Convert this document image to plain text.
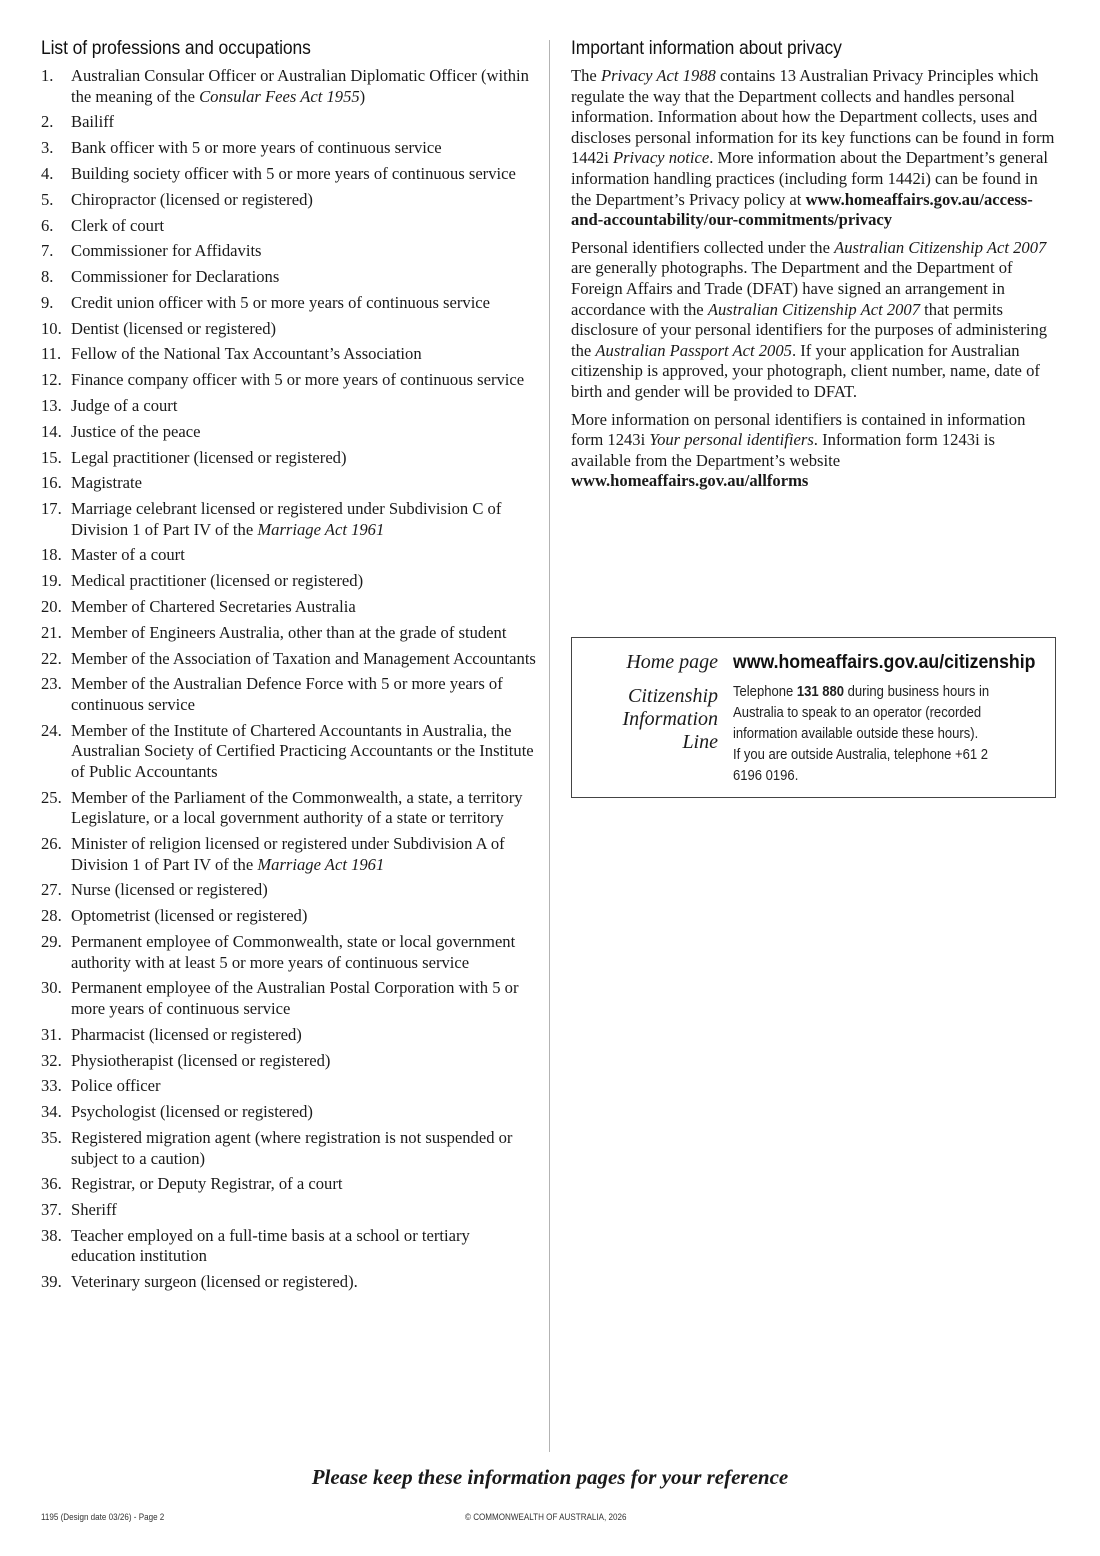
List of professions and occupations
1.	Australian Consular Officer or Australian Diplomatic Officer (within the meaning of the Consular Fees Act 1955)
2.	Bailiff
3.	Bank officer with 5 or more years of continuous service
4.	Building society officer with 5 or more years of continuous service
5.	Chiropractor (licensed or registered)
6.	Clerk of court
7.	Commissioner for Affidavits
8.	Commissioner for Declarations
9.	Credit union officer with 5 or more years of continuous service
10. Dentist (licensed or registered)
11. Fellow of the National Tax Accountant’s Association
12. Finance company officer with 5 or more years of continuous service
13. Judge of a court
14. Justice of the peace
15. Legal practitioner (licensed or registered)
16. Magistrate
17. Marriage celebrant licensed or registered under Subdivision C of Division 1 of Part IV of the Marriage Act 1961
18. Master of a court
19. Medical practitioner (licensed or registered)
20. Member of Chartered Secretaries Australia
21. Member of Engineers Australia, other than at the grade of student
22. Member of the Association of Taxation and Management Accountants
23. Member of the Australian Defence Force with 5 or more years of continuous service
24. Member of the Institute of Chartered Accountants in Australia, the Australian Society of Certified Practicing Accountants or the Institute of Public Accountants
25. Member of the Parliament of the Commonwealth, a state, a territory Legislature, or a local government authority of a state or territory
26. Minister of religion licensed or registered under Subdivision A of Division 1 of Part IV of the Marriage Act 1961
27. Nurse (licensed or registered)
28. Optometrist (licensed or registered)
29. Permanent employee of Commonwealth, state or local government authority with at least 5 or more years of continuous service
30. Permanent employee of the Australian Postal Corporation with 5 or more years of continuous service
31. Pharmacist (licensed or registered)
32. Physiotherapist (licensed or registered)
33. Police officer
34. Psychologist (licensed or registered)
35. Registered migration agent (where registration is not suspended or subject to a caution)
36. Registrar, or Deputy Registrar, of a court
37. Sheriff
38. Teacher employed on a full-time basis at a school or tertiary education institution
39. Veterinary surgeon (licensed or registered).
Important information about privacy

The Privacy Act 1988 contains 13 Australian Privacy Principles which regulate the way that the Department collects and handles personal information. Information about how the Department collects, uses and discloses personal information for its key functions can be found in form 1442i Privacy notice. More information about the Department’s general information handling practices (including form 1442i) can be found in the Department’s Privacy policy at www.homeaffairs.gov.au/access-and-accountability/our-commitments/privacy

Personal identifiers collected under the Australian Citizenship Act 2007 are generally photographs. The Department and the Department of Foreign Affairs and Trade (DFAT) have signed an arrangement in accordance with the Australian Citizenship Act 2007 that permits disclosure of your personal identifiers for the purposes of administering the Australian Passport Act 2005. If your application for Australian citizenship is approved, your photograph, client number, name, date of birth and gender will be provided to DFAT.

More information on personal identifiers is contained in information form 1243i Your personal identifiers. Information form 1243i is available from the Department’s website www.homeaffairs.gov.au/allforms

Home page www.homeaffairs.gov.au/citizenship
Citizenship
Information
Line
Telephone 131 880 during business hours in Australia to speak to an operator (recorded information available outside these hours).
If you are outside Australia, telephone +61 2 6196 0196.
Please keep these information pages for your reference
1195 (Design date 03/26) - Page 2	© COMMONWEALTH OF AUSTRALIA, 2026
